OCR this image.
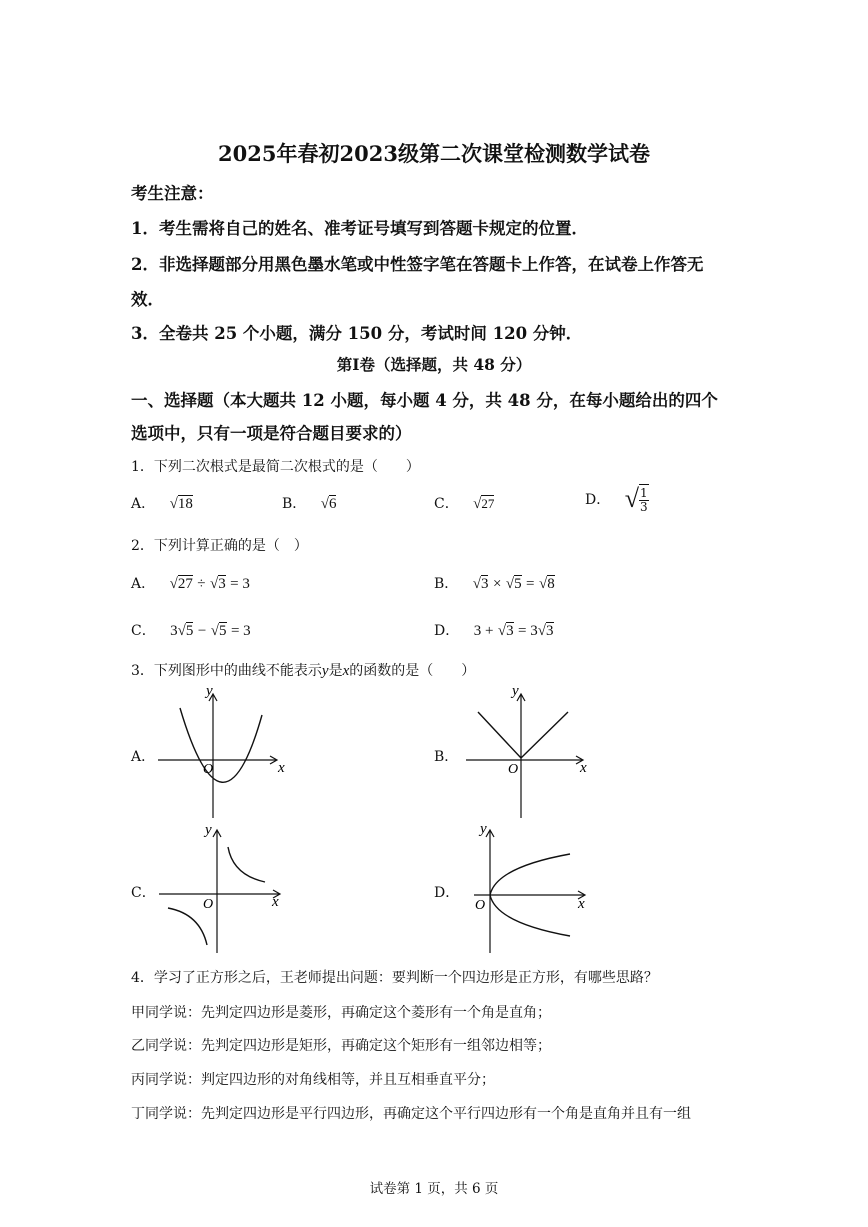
2025年春初2023级第二次课堂检测数学试卷
考生注意：
1．考生需将自己的姓名、准考证号填写到答题卡规定的位置．
2．非选择题部分用黑色墨水笔或中性签字笔在答题卡上作答，在试卷上作答无
效．
3．全卷共 25 个小题，满分 150 分，考试时间 120 分钟．
第Ⅰ卷（选择题，共 48 分）
一、选择题（本大题共 12 小题，每小题 4 分，共 48 分，在每小题给出的四个
选项中，只有一项是符合题目要求的）
1．下列二次根式是最简二次根式的是（　　）
A． √18	B． √6	C． √27	D． √ $\frac{1}{3}$
2．下列计算正确的是（　）
A． √27 ÷ √3 = 3	B． √3 × √5 = √8
C． 3√5 − √5 = 3	D． 3 + √3 = 3√3
3．下列图形中的曲线不能表示y是x的函数的是（　　）
A．
x
y
O
B．
x
y
O
C．
x
y
O
D．
x
y
O
4．学习了正方形之后，王老师提出问题：要判断一个四边形是正方形，有哪些思路？
甲同学说：先判定四边形是菱形，再确定这个菱形有一个角是直角；
乙同学说：先判定四边形是矩形，再确定这个矩形有一组邻边相等；
丙同学说：判定四边形的对角线相等，并且互相垂直平分；
丁同学说：先判定四边形是平行四边形，再确定这个平行四边形有一个角是直角并且有一组
试卷第 1 页，共 6 页
